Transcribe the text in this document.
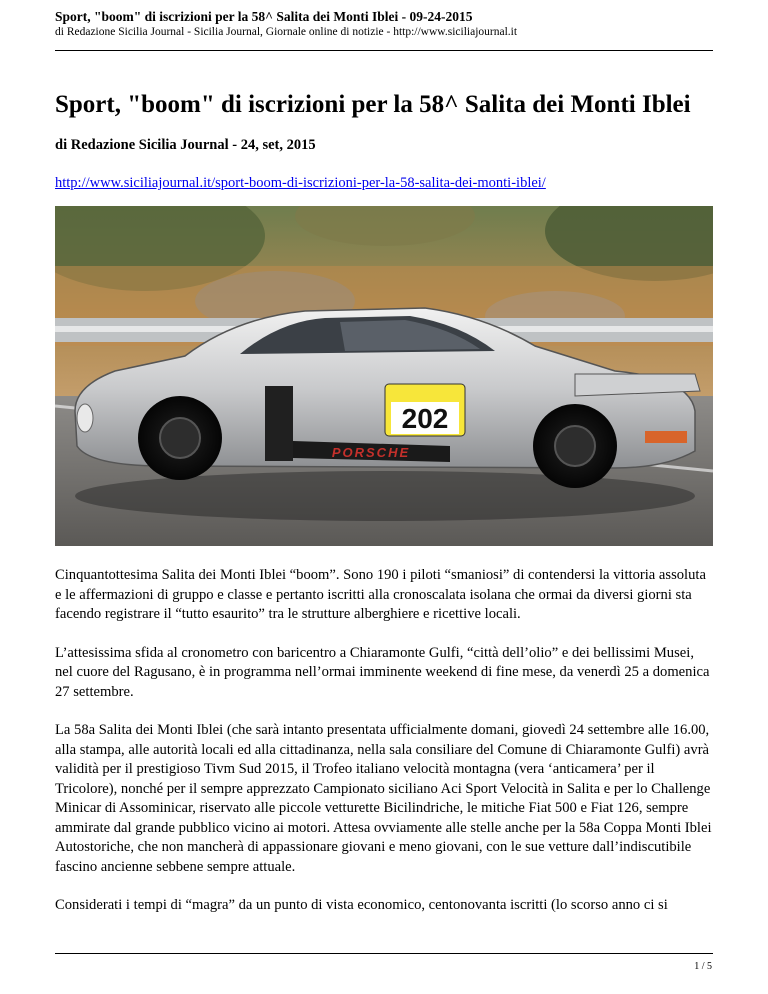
Sport, "boom" di iscrizioni per la 58^ Salita dei Monti Iblei - 09-24-2015
di Redazione Sicilia Journal - Sicilia Journal, Giornale online di notizie - http://www.siciliajournal.it
Sport, "boom" di iscrizioni per la 58^ Salita dei Monti Iblei
di Redazione Sicilia Journal - 24, set, 2015
http://www.siciliajournal.it/sport-boom-di-iscrizioni-per-la-58-salita-dei-monti-iblei/
202
PORSCHE

Cinquantottesima Salita dei Monti Iblei “boom”. Sono 190 i piloti “smaniosi” di contendersi la vittoria assoluta e le affermazioni di gruppo e classe e pertanto iscritti alla cronoscalata isolana che ormai da diversi giorni sta facendo registrare il “tutto esaurito” tra le strutture alberghiere e ricettive locali.

L’attesissima sfida al cronometro con baricentro a Chiaramonte Gulfi, “città dell’olio” e dei bellissimi Musei, nel cuore del Ragusano, è in programma nell’ormai imminente weekend di fine mese, da venerdì 25 a domenica 27 settembre.

La 58a Salita dei Monti Iblei (che sarà intanto presentata ufficialmente domani, giovedì 24 settembre alle 16.00, alla stampa, alle autorità locali ed alla cittadinanza, nella sala consiliare del Comune di Chiaramonte Gulfi) avrà validità per il prestigioso Tivm Sud 2015, il Trofeo italiano velocità montagna (vera ‘anticamera’ per il Tricolore), nonché per il sempre apprezzato Campionato siciliano Aci Sport Velocità in Salita e per lo Challenge Minicar di Assominicar, riservato alle piccole vetturette Bicilindriche, le mitiche Fiat 500 e Fiat 126, sempre ammirate dal grande pubblico vicino ai motori. Attesa ovviamente alle stelle anche per la 58a Coppa Monti Iblei Autostoriche, che non mancherà di appassionare giovani e meno giovani, con le sue vetture dall’indiscutibile fascino ancienne sebbene sempre attuale.

Considerati i tempi di “magra” da un punto di vista economico, centonovanta iscritti (lo scorso anno ci si

1 / 5
